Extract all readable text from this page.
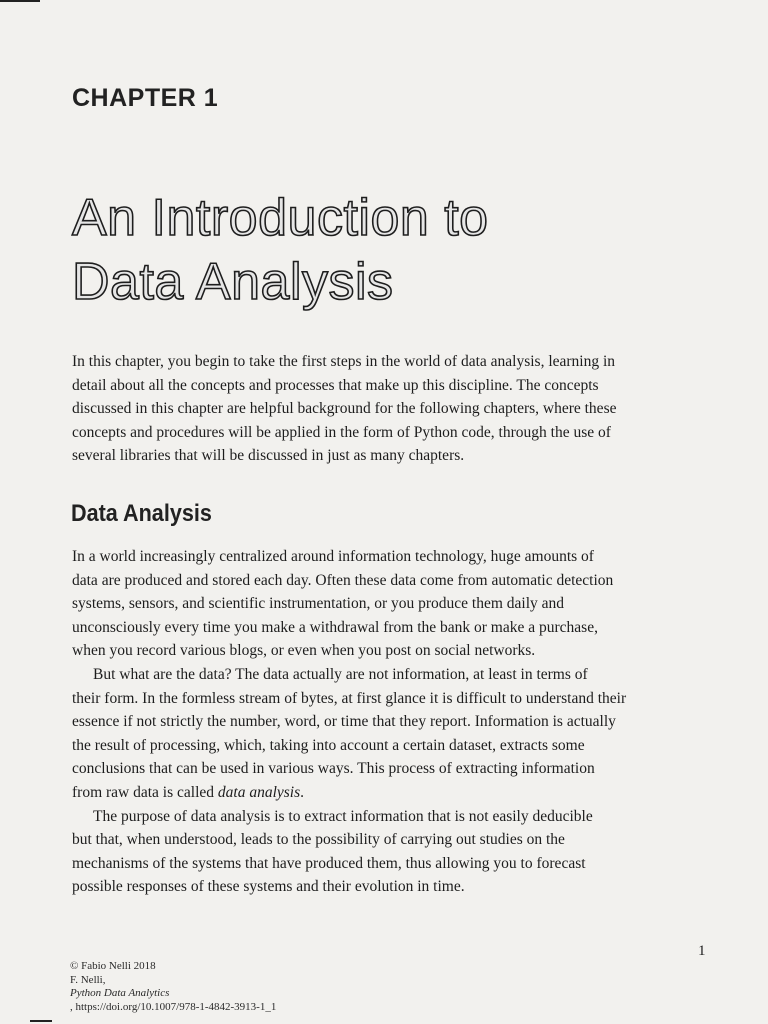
CHAPTER 1
An Introduction to
Data Analysis
In this chapter, you begin to take the first steps in the world of data analysis, learning in
detail about all the concepts and processes that make up this discipline. The concepts
discussed in this chapter are helpful background for the following chapters, where these
concepts and procedures will be applied in the form of Python code, through the use of
several libraries that will be discussed in just as many chapters.
Data Analysis
In a world increasingly centralized around information technology, huge amounts of
data are produced and stored each day. Often these data come from automatic detection
systems, sensors, and scientific instrumentation, or you produce them daily and
unconsciously every time you make a withdrawal from the bank or make a purchase,
when you record various blogs, or even when you post on social networks.
But what are the data? The data actually are not information, at least in terms of
their form. In the formless stream of bytes, at first glance it is difficult to understand their
essence if not strictly the number, word, or time that they report. Information is actually
the result of processing, which, taking into account a certain dataset, extracts some
conclusions that can be used in various ways. This process of extracting information
from raw data is called data analysis.
The purpose of data analysis is to extract information that is not easily deducible
but that, when understood, leads to the possibility of carrying out studies on the
mechanisms of the systems that have produced them, thus allowing you to forecast
possible responses of these systems and their evolution in time.
1
© Fabio Nelli 2018
F. Nelli,
Python Data Analytics
, https://doi.org/10.1007/978-1-4842-3913-1_1
